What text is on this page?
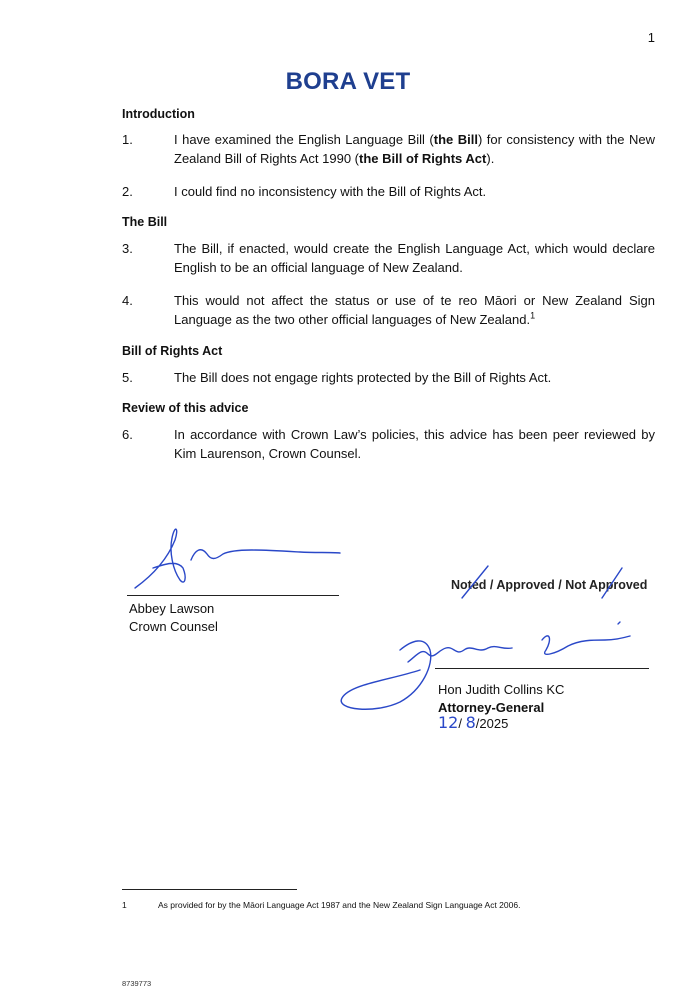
1
BORA VET
Introduction
1.	I have examined the English Language Bill (the Bill) for consistency with the New Zealand Bill of Rights Act 1990 (the Bill of Rights Act).
2.	I could find no inconsistency with the Bill of Rights Act.
The Bill
3.	The Bill, if enacted, would create the English Language Act, which would declare English to be an official language of New Zealand.
4.	This would not affect the status or use of te reo Māori or New Zealand Sign Language as the two other official languages of New Zealand.$^1$
Bill of Rights Act
5.	The Bill does not engage rights protected by the Bill of Rights Act.
Review of this advice
6.	In accordance with Crown Law’s policies, this advice has been peer reviewed by Kim Laurenson, Crown Counsel.
Abbey Lawson
Crown Counsel
Noted / Approved / Not Approved
Hon Judith Collins KC
Attorney-General
12/ 8/2025
1	As provided for by the Māori Language Act 1987 and the New Zealand Sign Language Act 2006.
8739773
